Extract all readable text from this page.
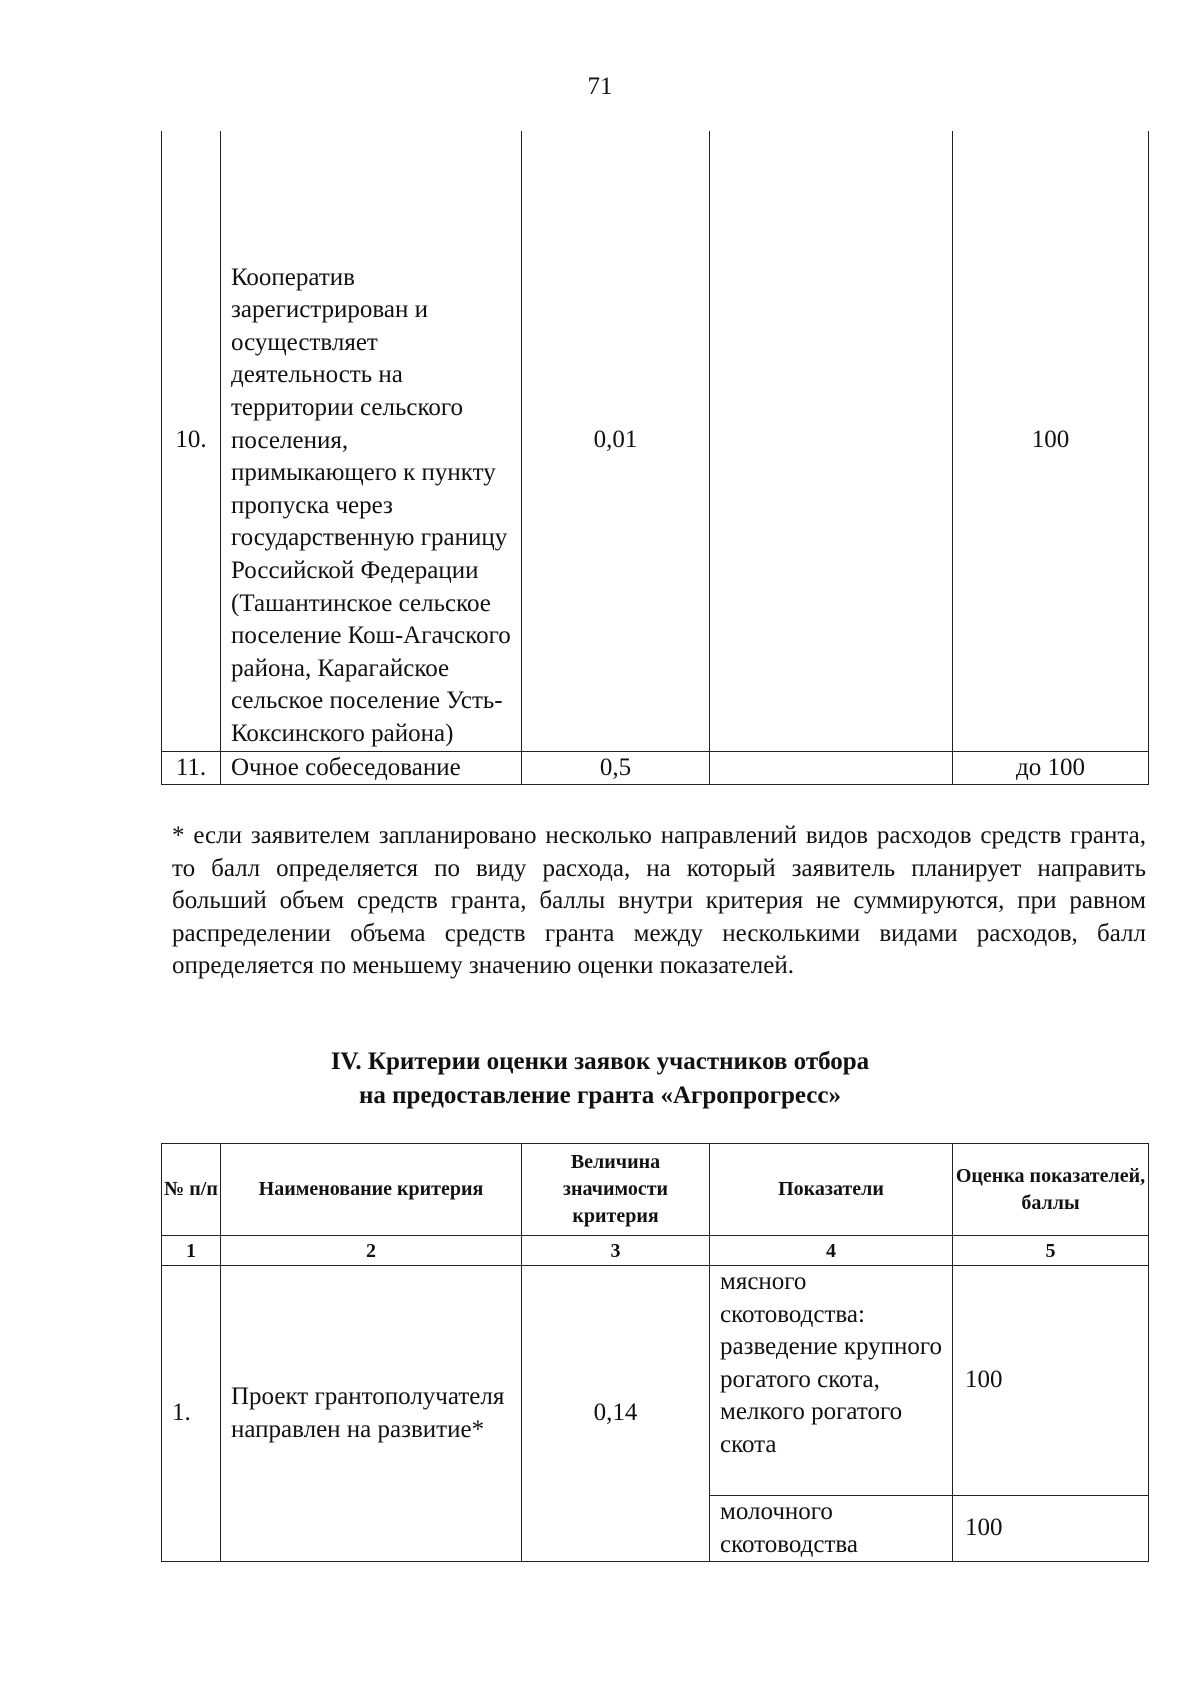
71
10.	Кооператив зарегистрирован и осуществляет деятельность на территории сельского поселения, примыкающего к пункту пропуска через государственную границу Российской Федерации (Ташантинское сельское поселение Кош-Агачского района, Карагайское сельское поселение Усть-Коксинского района)	0,01		100
11.	Очное собеседование	0,5		до 100

* если заявителем запланировано несколько направлений видов расходов средств гранта, то балл определяется по виду расхода, на который заявитель планирует направить больший объем средств гранта, баллы внутри критерия не суммируются, при равном распределении объема средств гранта между несколькими видами расходов, балл определяется по меньшему значению оценки показателей.

IV. Критерии оценки заявок участников отбора
на предоставление гранта «Агропрогресс»
№ п/п	Наименование критерия	Величина значимости критерия	Показатели	Оценка показателей, баллы
1	2	3	4	5
1.	Проект грантополучателя направлен на развитие*	0,14	мясного скотоводства: разведение крупного рогатого скота, мелкого рогатого скота	100
			молочного скотоводства	100
